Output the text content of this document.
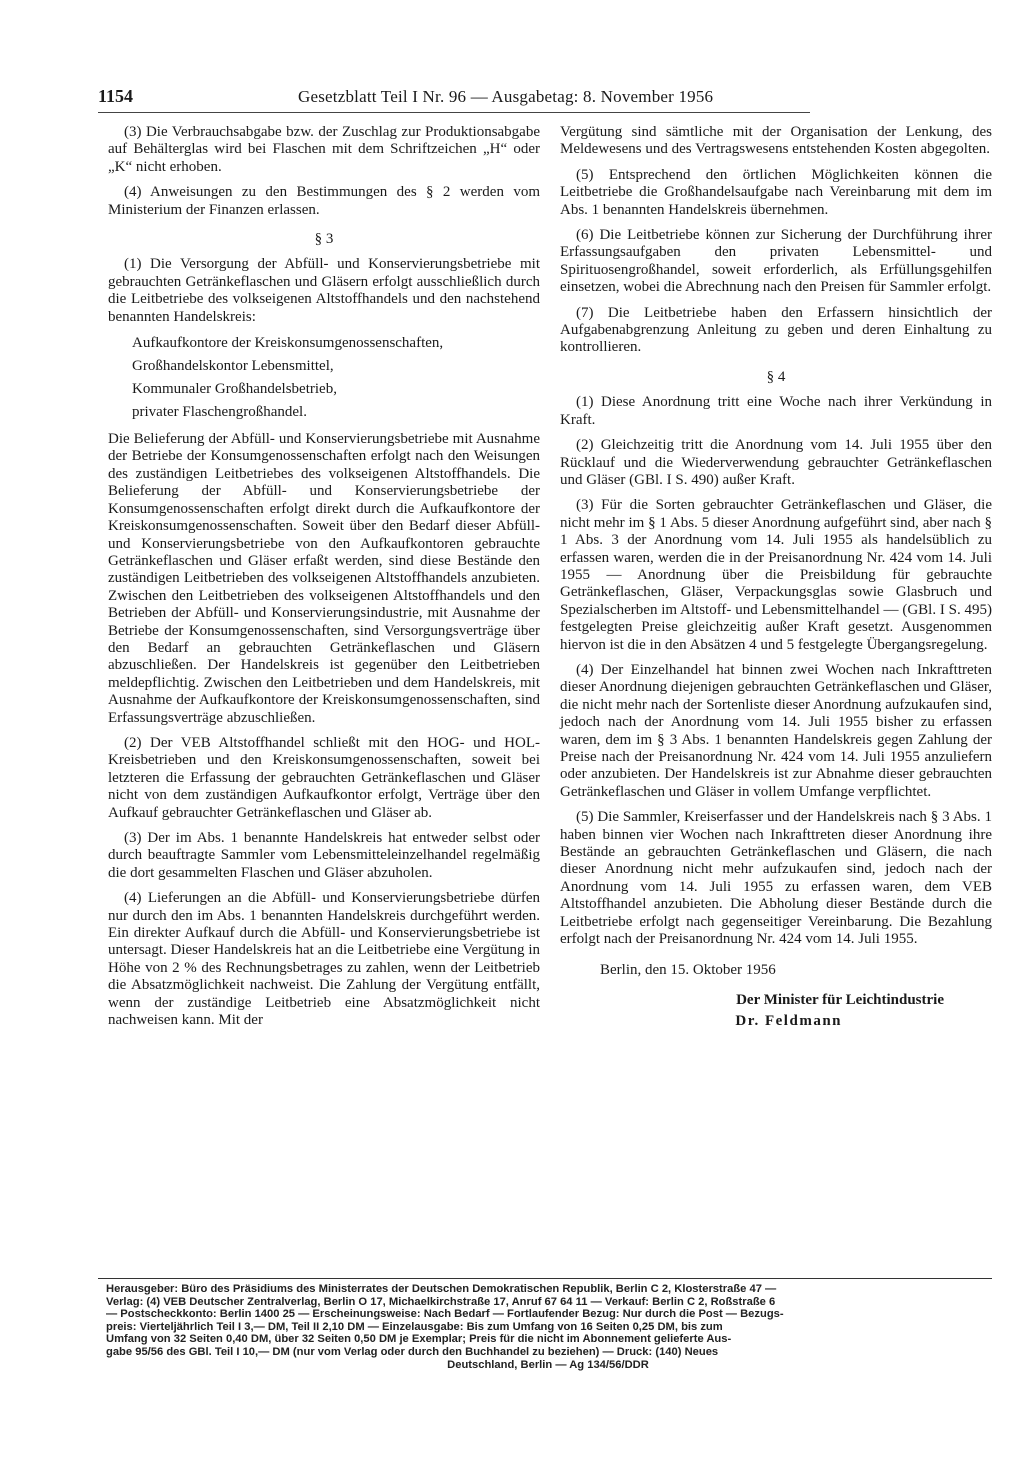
1154	Gesetzblatt Teil I Nr. 96 — Ausgabetag: 8. November 1956

(3) Die Verbrauchsabgabe bzw. der Zuschlag zur Produktionsabgabe auf Behälterglas wird bei Flaschen mit dem Schriftzeichen „H“ oder „K“ nicht erhoben.

(4) Anweisungen zu den Bestimmungen des § 2 werden vom Ministerium der Finanzen erlassen.

§ 3

(1) Die Versorgung der Abfüll- und Konservierungsbetriebe mit gebrauchten Getränkeflaschen und Gläsern erfolgt ausschließlich durch die Leitbetriebe des volkseigenen Altstoffhandels und den nachstehend benannten Handelskreis:

Aufkaufkontore der Kreiskonsumgenossenschaften,
Großhandelskontor Lebensmittel,
Kommunaler Großhandelsbetrieb,
privater Flaschengroßhandel.

Die Belieferung der Abfüll- und Konservierungsbetriebe mit Ausnahme der Betriebe der Konsumgenossenschaften erfolgt nach den Weisungen des zuständigen Leitbetriebes des volkseigenen Altstoffhandels. Die Belieferung der Abfüll- und Konservierungsbetriebe der Konsumgenossenschaften erfolgt direkt durch die Aufkaufkontore der Kreiskonsumgenossenschaften. Soweit über den Bedarf dieser Abfüll- und Konservierungsbetriebe von den Aufkaufkontoren gebrauchte Getränkeflaschen und Gläser erfaßt werden, sind diese Bestände den zuständigen Leitbetrieben des volkseigenen Altstoffhandels anzubieten. Zwischen den Leitbetrieben des volkseigenen Altstoffhandels und den Betrieben der Abfüll- und Konservierungsindustrie, mit Ausnahme der Betriebe der Konsumgenossenschaften, sind Versorgungsverträge über den Bedarf an gebrauchten Getränkeflaschen und Gläsern abzuschließen. Der Handelskreis ist gegenüber den Leitbetrieben meldepflichtig. Zwischen den Leitbetrieben und dem Handelskreis, mit Ausnahme der Aufkaufkontore der Kreiskonsumgenossenschaften, sind Erfassungsverträge abzuschließen.

(2) Der VEB Altstoffhandel schließt mit den HOG- und HOL-Kreisbetrieben und den Kreiskonsumgenossenschaften, soweit bei letzteren die Erfassung der gebrauchten Getränkeflaschen und Gläser nicht von dem zuständigen Aufkaufkontor erfolgt, Verträge über den Aufkauf gebrauchter Getränkeflaschen und Gläser ab.

(3) Der im Abs. 1 benannte Handelskreis hat entweder selbst oder durch beauftragte Sammler vom Lebensmitteleinzelhandel regelmäßig die dort gesammelten Flaschen und Gläser abzuholen.

(4) Lieferungen an die Abfüll- und Konservierungsbetriebe dürfen nur durch den im Abs. 1 benannten Handelskreis durchgeführt werden. Ein direkter Aufkauf durch die Abfüll- und Konservierungsbetriebe ist untersagt. Dieser Handelskreis hat an die Leitbetriebe eine Vergütung in Höhe von 2 % des Rechnungsbetrages zu zahlen, wenn der Leitbetrieb die Absatzmöglichkeit nachweist. Die Zahlung der Vergütung entfällt, wenn der zuständige Leitbetrieb eine Absatzmöglichkeit nicht nachweisen kann. Mit der

Vergütung sind sämtliche mit der Organisation der Lenkung, des Meldewesens und des Vertragswesens entstehenden Kosten abgegolten.

(5) Entsprechend den örtlichen Möglichkeiten können die Leitbetriebe die Großhandelsaufgabe nach Vereinbarung mit dem im Abs. 1 benannten Handelskreis übernehmen.

(6) Die Leitbetriebe können zur Sicherung der Durchführung ihrer Erfassungsaufgaben den privaten Lebensmittel- und Spirituosengroßhandel, soweit erforderlich, als Erfüllungsgehilfen einsetzen, wobei die Abrechnung nach den Preisen für Sammler erfolgt.

(7) Die Leitbetriebe haben den Erfassern hinsichtlich der Aufgabenabgrenzung Anleitung zu geben und deren Einhaltung zu kontrollieren.

§ 4

(1) Diese Anordnung tritt eine Woche nach ihrer Verkündung in Kraft.

(2) Gleichzeitig tritt die Anordnung vom 14. Juli 1955 über den Rücklauf und die Wiederverwendung gebrauchter Getränkeflaschen und Gläser (GBl. I S. 490) außer Kraft.

(3) Für die Sorten gebrauchter Getränkeflaschen und Gläser, die nicht mehr im § 1 Abs. 5 dieser Anordnung aufgeführt sind, aber nach § 1 Abs. 3 der Anordnung vom 14. Juli 1955 als handelsüblich zu erfassen waren, werden die in der Preisanordnung Nr. 424 vom 14. Juli 1955 — Anordnung über die Preisbildung für gebrauchte Getränkeflaschen, Gläser, Verpackungsglas sowie Glasbruch und Spezialscherben im Altstoff- und Lebensmittelhandel — (GBl. I S. 495) festgelegten Preise gleichzeitig außer Kraft gesetzt. Ausgenommen hiervon ist die in den Absätzen 4 und 5 festgelegte Übergangsregelung.

(4) Der Einzelhandel hat binnen zwei Wochen nach Inkrafttreten dieser Anordnung diejenigen gebrauchten Getränkeflaschen und Gläser, die nicht mehr nach der Sortenliste dieser Anordnung aufzukaufen sind, jedoch nach der Anordnung vom 14. Juli 1955 bisher zu erfassen waren, dem im § 3 Abs. 1 benannten Handelskreis gegen Zahlung der Preise nach der Preisanordnung Nr. 424 vom 14. Juli 1955 anzuliefern oder anzubieten. Der Handelskreis ist zur Abnahme dieser gebrauchten Getränkeflaschen und Gläser in vollem Umfange verpflichtet.

(5) Die Sammler, Kreiserfasser und der Handelskreis nach § 3 Abs. 1 haben binnen vier Wochen nach Inkrafttreten dieser Anordnung ihre Bestände an gebrauchten Getränkeflaschen und Gläsern, die nach dieser Anordnung nicht mehr aufzukaufen sind, jedoch nach der Anordnung vom 14. Juli 1955 zu erfassen waren, dem VEB Altstoffhandel anzubieten. Die Abholung dieser Bestände durch die Leitbetriebe erfolgt nach gegenseitiger Vereinbarung. Die Bezahlung erfolgt nach der Preisanordnung Nr. 424 vom 14. Juli 1955.

Berlin, den 15. Oktober 1956

Der Minister für Leichtindustrie

Dr. Feldmann

Herausgeber: Büro des Präsidiums des Ministerrates der Deutschen Demokratischen Republik, Berlin C 2, Klosterstraße 47 —
Verlag: (4) VEB Deutscher Zentralverlag, Berlin O 17, Michaelkirchstraße 17, Anruf 67 64 11 — Verkauf: Berlin C 2, Roßstraße 6
— Postscheckkonto: Berlin 1400 25 — Erscheinungsweise: Nach Bedarf — Fortlaufender Bezug: Nur durch die Post — Bezugs-
preis: Vierteljährlich Teil I 3,— DM, Teil II 2,10 DM — Einzelausgabe: Bis zum Umfang von 16 Seiten 0,25 DM, bis zum
Umfang von 32 Seiten 0,40 DM, über 32 Seiten 0,50 DM je Exemplar; Preis für die nicht im Abonnement gelieferte Aus-
gabe 95/56 des GBl. Teil I 10,— DM (nur vom Verlag oder durch den Buchhandel zu beziehen) — Druck: (140) Neues
Deutschland, Berlin — Ag 134/56/DDR
